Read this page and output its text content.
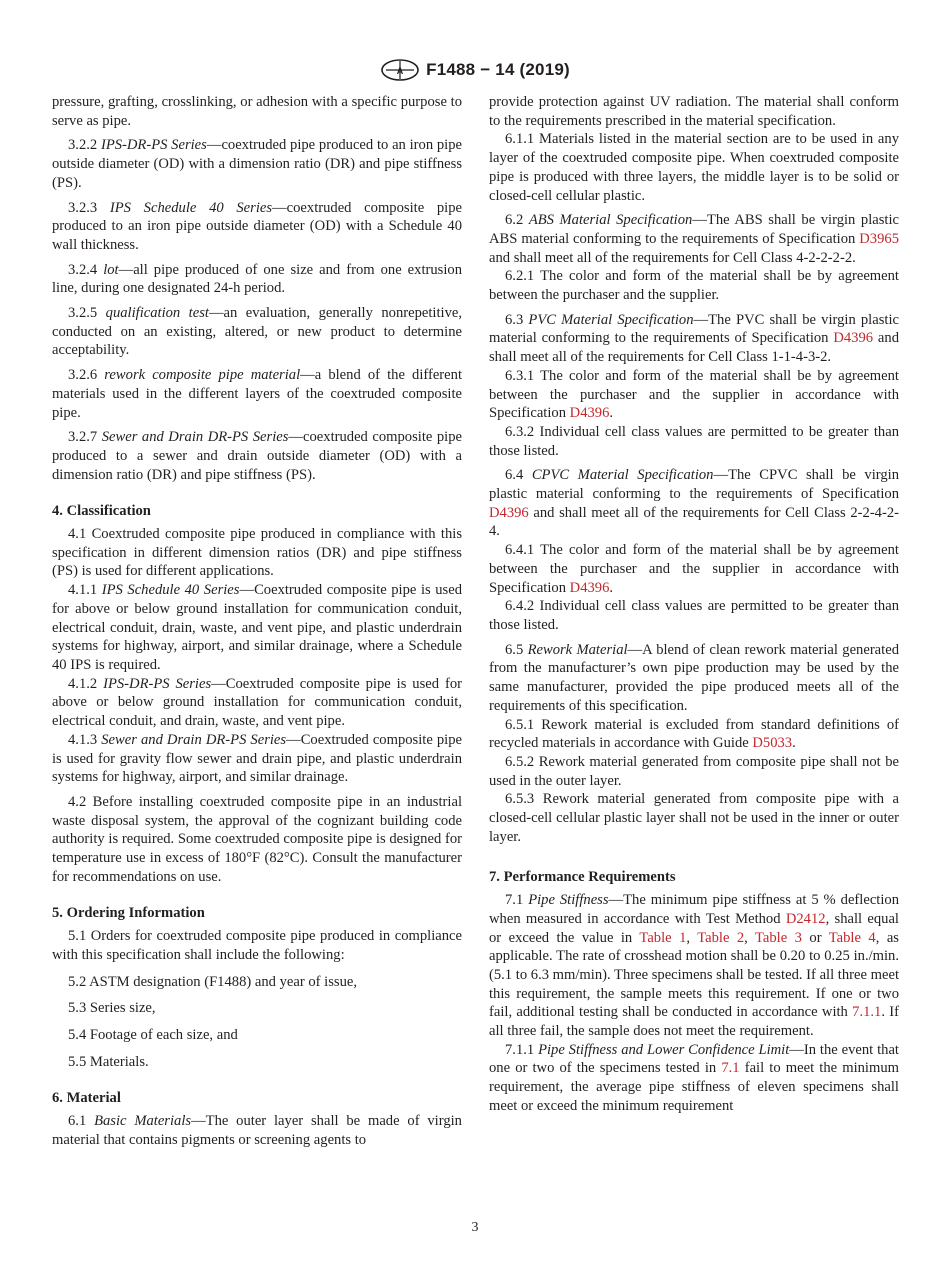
A F1488 − 14 (2019)

pressure, grafting, crosslinking, or adhesion with a specific purpose to serve as pipe.

3.2.2 IPS-DR-PS Series—coextruded pipe produced to an iron pipe outside diameter (OD) with a dimension ratio (DR) and pipe stiffness (PS).

3.2.3 IPS Schedule 40 Series—coextruded composite pipe produced to an iron pipe outside diameter (OD) with a Schedule 40 wall thickness.

3.2.4 lot—all pipe produced of one size and from one extrusion line, during one designated 24-h period.

3.2.5 qualification test—an evaluation, generally nonrepetitive, conducted on an existing, altered, or new product to determine acceptability.

3.2.6 rework composite pipe material—a blend of the different materials used in the different layers of the coextruded composite pipe.

3.2.7 Sewer and Drain DR-PS Series—coextruded composite pipe produced to a sewer and drain outside diameter (OD) with a dimension ratio (DR) and pipe stiffness (PS).

4. Classification

4.1 Coextruded composite pipe produced in compliance with this specification in different dimension ratios (DR) and pipe stiffness (PS) is used for different applications.

4.1.1 IPS Schedule 40 Series—Coextruded composite pipe is used for above or below ground installation for communication conduit, electrical conduit, drain, waste, and vent pipe, and plastic underdrain systems for highway, airport, and similar drainage, where a Schedule 40 IPS is required.

4.1.2 IPS-DR-PS Series—Coextruded composite pipe is used for above or below ground installation for communication conduit, electrical conduit, and drain, waste, and vent pipe.

4.1.3 Sewer and Drain DR-PS Series—Coextruded composite pipe is used for gravity flow sewer and drain pipe, and plastic underdrain systems for highway, airport, and similar drainage.

4.2 Before installing coextruded composite pipe in an industrial waste disposal system, the approval of the cognizant building code authority is required. Some coextruded composite pipe is designed for temperature use in excess of 180°F (82°C). Consult the manufacturer for recommendations on use.

5. Ordering Information

5.1 Orders for coextruded composite pipe produced in compliance with this specification shall include the following:

5.2 ASTM designation (F1488) and year of issue,

5.3 Series size,

5.4 Footage of each size, and

5.5 Materials.

6. Material

6.1 Basic Materials—The outer layer shall be made of virgin material that contains pigments or screening agents to

provide protection against UV radiation. The material shall conform to the requirements prescribed in the material specification.

6.1.1 Materials listed in the material section are to be used in any layer of the coextruded composite pipe. When coextruded composite pipe is produced with three layers, the middle layer is to be solid or closed-cell cellular plastic.

6.2 ABS Material Specification—The ABS shall be virgin plastic ABS material conforming to the requirements of Specification D3965 and shall meet all of the requirements for Cell Class 4-2-2-2-2.

6.2.1 The color and form of the material shall be by agreement between the purchaser and the supplier.

6.3 PVC Material Specification—The PVC shall be virgin plastic material conforming to the requirements of Specification D4396 and shall meet all of the requirements for Cell Class 1-1-4-3-2.

6.3.1 The color and form of the material shall be by agreement between the purchaser and the supplier in accordance with Specification D4396.

6.3.2 Individual cell class values are permitted to be greater than those listed.

6.4 CPVC Material Specification—The CPVC shall be virgin plastic material conforming to the requirements of Specification D4396 and shall meet all of the requirements for Cell Class 2-2-4-2-4.

6.4.1 The color and form of the material shall be by agreement between the purchaser and the supplier in accordance with Specification D4396.

6.4.2 Individual cell class values are permitted to be greater than those listed.

6.5 Rework Material—A blend of clean rework material generated from the manufacturer’s own pipe production may be used by the same manufacturer, provided the pipe produced meets all of the requirements of this specification.

6.5.1 Rework material is excluded from standard definitions of recycled materials in accordance with Guide D5033.

6.5.2 Rework material generated from composite pipe shall not be used in the outer layer.

6.5.3 Rework material generated from composite pipe with a closed-cell cellular plastic layer shall not be used in the inner or outer layer.

7. Performance Requirements

7.1 Pipe Stiffness—The minimum pipe stiffness at 5 % deflection when measured in accordance with Test Method D2412, shall equal or exceed the value in Table 1, Table 2, Table 3 or Table 4, as applicable. The rate of crosshead motion shall be 0.20 to 0.25 in./min. (5.1 to 6.3 mm/min). Three specimens shall be tested. If all three meet this requirement, the sample meets this requirement. If one or two fail, additional testing shall be conducted in accordance with 7.1.1. If all three fail, the sample does not meet the requirement.

7.1.1 Pipe Stiffness and Lower Confidence Limit—In the event that one or two of the specimens tested in 7.1 fail to meet the minimum requirement, the average pipe stiffness of eleven specimens shall meet or exceed the minimum requirement

3
